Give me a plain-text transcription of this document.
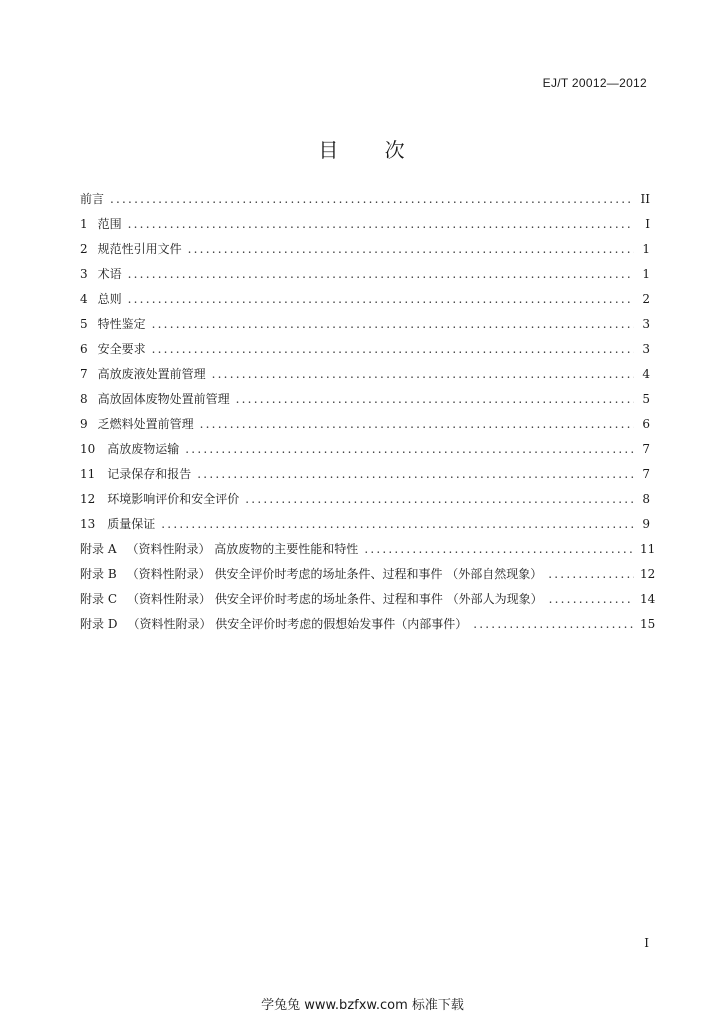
EJ/T 20012—2012
目 次
前言 .....	II
1 范围 .....	I
2 规范性引用文件 .....	1
3 术语 .....	1
4 总则 .....	2
5 特性鉴定 .....	3
6 安全要求 .....	3
7 高放废液处置前管理 .....	4
8 高放固体废物处置前管理 .....	5
9 乏燃料处置前管理 .....	6
10 高放废物运输 .....	7
11 记录保存和报告 .....	7
12 环境影响评价和安全评价 .....	8
13 质量保证 .....	9
附录 A （资料性附录） 高放废物的主要性能和特性 .....	11
附录 B （资料性附录） 供安全评价时考虑的场址条件、过程和事件 （外部自然现象） .....	12
附录 C （资料性附录） 供安全评价时考虑的场址条件、过程和事件 （外部人为现象） .....	14
附录 D （资料性附录） 供安全评价时考虑的假想始发事件（内部事件） .....	15
I
学兔兔 www.bzfxw.com 标准下载
